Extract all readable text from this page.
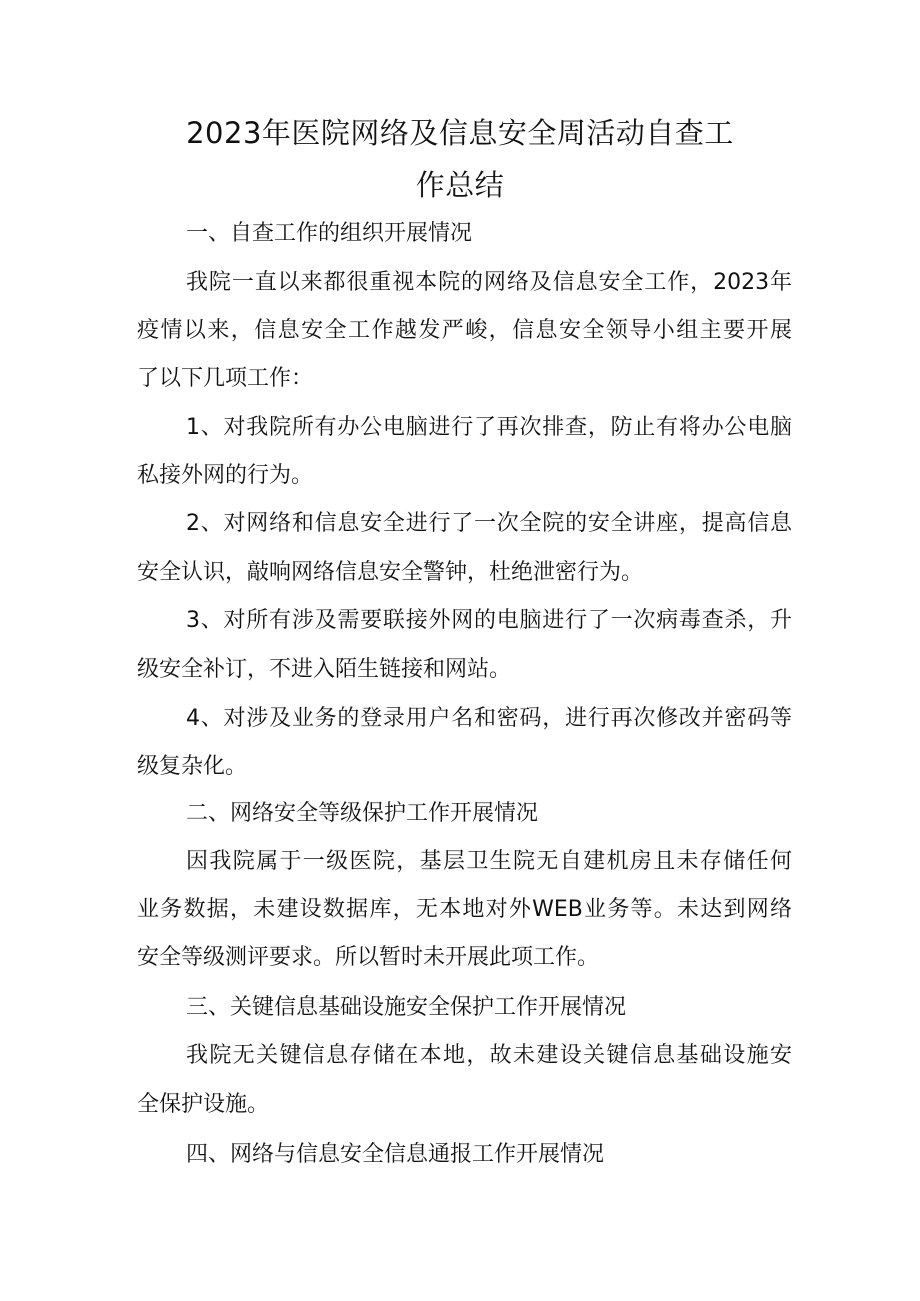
2023年医院网络及信息安全周活动自查工
作总结

一、自查工作的组织开展情况

我院一直以来都很重视本院的网络及信息安全工作，2023年

疫情以来，信息安全工作越发严峻，信息安全领导小组主要开展

了以下几项工作：

1、对我院所有办公电脑进行了再次排查，防止有将办公电脑

私接外网的行为。

2、对网络和信息安全进行了一次全院的安全讲座，提高信息

安全认识，敲响网络信息安全警钟，杜绝泄密行为。

3、对所有涉及需要联接外网的电脑进行了一次病毒查杀，升

级安全补订，不进入陌生链接和网站。

4、对涉及业务的登录用户名和密码，进行再次修改并密码等

级复杂化。

二、网络安全等级保护工作开展情况

因我院属于一级医院，基层卫生院无自建机房且未存储任何

业务数据，未建设数据库，无本地对外WEB业务等。未达到网络

安全等级测评要求。所以暂时未开展此项工作。

三、关键信息基础设施安全保护工作开展情况

我院无关键信息存储在本地，故未建设关键信息基础设施安

全保护设施。

四、网络与信息安全信息通报工作开展情况
